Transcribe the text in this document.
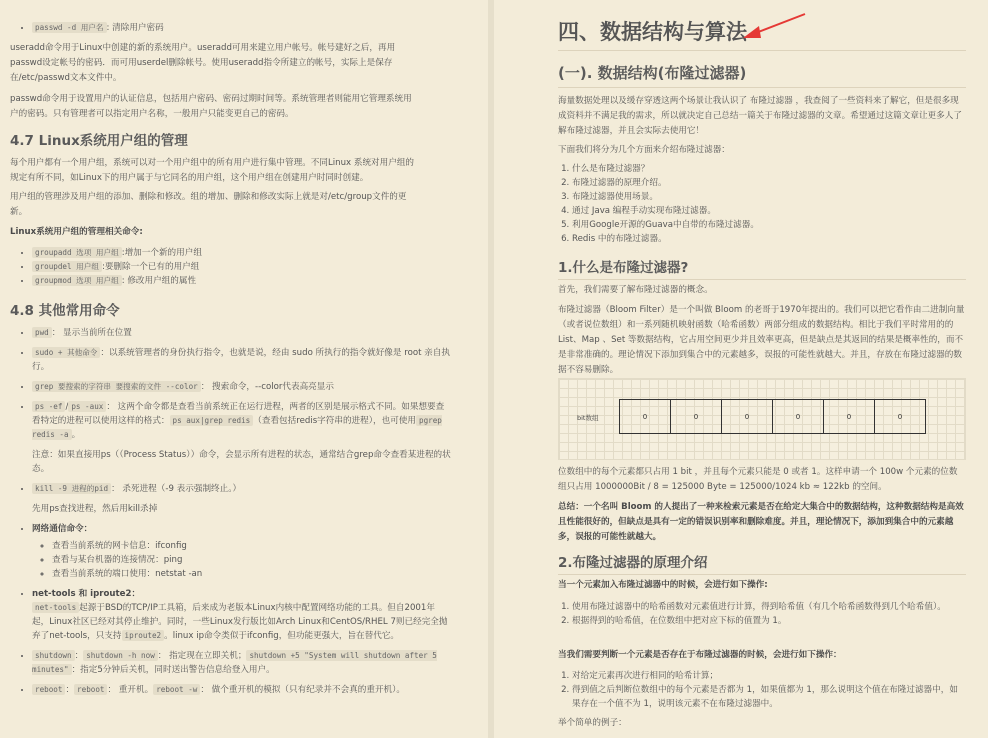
• passwd -d 用户名 : 清除用户密码

useradd命令用于Linux中创建的新的系统用户。useradd可用来建立用户帐号。帐号建好之后，再用passwd设定帐号的密码．而可用userdel删除帐号。使用useradd指令所建立的帐号，实际上是保存在/etc/passwd文本文件中。

passwd命令用于设置用户的认证信息，包括用户密码、密码过期时间等。系统管理者则能用它管理系统用户的密码。只有管理者可以指定用户名称，一般用户只能变更自己的密码。

4.7 Linux系统用户组的管理

每个用户都有一个用户组，系统可以对一个用户组中的所有用户进行集中管理。不同Linux 系统对用户组的规定有所不同，如Linux下的用户属于与它同名的用户组，这个用户组在创建用户时同时创建。

用户组的管理涉及用户组的添加、删除和修改。组的增加、删除和修改实际上就是对/etc/group文件的更新。

Linux系统用户组的管理相关命令:

• groupadd 选项 用户组 :增加一个新的用户组
• groupdel 用户组 :要删除一个已有的用户组
• groupmod 选项 用户组 : 修改用户组的属性
4.8 其他常用命令
• pwd ： 显示当前所在位置
• sudo + 其他命令 ：以系统管理者的身份执行指令，也就是说，经由 sudo 所执行的指令就好像是 root 亲自执行。
• grep 要搜索的字符串 要搜索的文件 --color ： 搜索命令，--color代表高亮显示
• ps -ef / ps -aux ： 这两个命令都是查看当前系统正在运行进程，两者的区别是展示格式不同。如果想要查看特定的进程可以使用这样的格式： ps aux|grep redis （查看包括redis字符串的进程），也可使用 pgrep redis -a 。
注意：如果直接用ps（（Process Status））命令，会显示所有进程的状态，通常结合grep命令查看某进程的状态。
• kill -9 进程的pid ： 杀死进程（-9 表示强制终止。）
先用ps查找进程，然后用kill杀掉
• 网络通信命令：
◦ 查看当前系统的网卡信息：ifconfig
◦ 查看与某台机器的连接情况：ping
◦ 查看当前系统的端口使用：netstat -an
• net-tools 和 iproute2：
net-tools 起源于BSD的TCP/IP工具箱，后来成为老版本Linux内核中配置网络功能的工具。但自2001年起，Linux社区已经对其停止维护。同时，一些Linux发行版比如Arch Linux和CentOS/RHEL 7则已经完全抛弃了net-tools，只支持 iproute2 。linux ip命令类似于ifconfig，但功能更强大，旨在替代它。
• shutdown ： shutdown -h now ： 指定现在立即关机； shutdown +5 "System will shutdown after 5 minutes" ：指定5分钟后关机，同时送出警告信息给登入用户。
• reboot ： reboot ： 重开机。 reboot -w ： 做个重开机的模拟（只有纪录并不会真的重开机）。
四、数据结构与算法
(一). 数据结构(布隆过滤器)

海量数据处理以及缓存穿透这两个场景让我认识了 布隆过滤器 ，我查阅了一些资料来了解它，但是很多现成资料并不满足我的需求，所以就决定自己总结一篇关于布隆过滤器的文章。希望通过这篇文章让更多人了解布隆过滤器，并且会实际去使用它！

下面我们将分为几个方面来介绍布隆过滤器：

1. 什么是布隆过滤器？
2. 布隆过滤器的原理介绍。
3. 布隆过滤器使用场景。
4. 通过 Java 编程手动实现布隆过滤器。
5. 利用Google开源的Guava中自带的布隆过滤器。
6. Redis 中的布隆过滤器。
1.什么是布隆过滤器?

首先，我们需要了解布隆过滤器的概念。

布隆过滤器（Bloom Filter）是一个叫做 Bloom 的老哥于1970年提出的。我们可以把它看作由二进制向量（或者说位数组）和一系列随机映射函数（哈希函数）两部分组成的数据结构。相比于我们平时常用的的 List、Map 、Set 等数据结构，它占用空间更少并且效率更高，但是缺点是其返回的结果是概率性的，而不是非常准确的。理论情况下添加到集合中的元素越多，误报的可能性就越大。并且，存放在布隆过滤器的数据不容易删除。

bit数组	0	0	0	0	0	0

位数组中的每个元素都只占用 1 bit ，并且每个元素只能是 0 或者 1。这样申请一个 100w 个元素的位数组只占用 1000000Bit / 8 = 125000 Byte = 125000/1024 kb ≈ 122kb 的空间。

总结：一个名叫 Bloom 的人提出了一种来检索元素是否在给定大集合中的数据结构，这种数据结构是高效且性能很好的，但缺点是具有一定的错误识别率和删除难度。并且，理论情况下，添加到集合中的元素越多，误报的可能性就越大。

2.布隆过滤器的原理介绍

当一个元素加入布隆过滤器中的时候，会进行如下操作:

1. 使用布隆过滤器中的哈希函数对元素值进行计算，得到哈希值（有几个哈希函数得到几个哈希值）。
2. 根据得到的哈希值，在位数组中把对应下标的值置为 1。

当我们需要判断一个元素是否存在于布隆过滤器的时候，会进行如下操作：

1. 对给定元素再次进行相同的哈希计算；
2. 得到值之后判断位数组中的每个元素是否都为 1，如果值都为 1，那么说明这个值在布隆过滤器中，如果存在一个值不为 1，说明该元素不在布隆过滤器中。

举个简单的例子：
